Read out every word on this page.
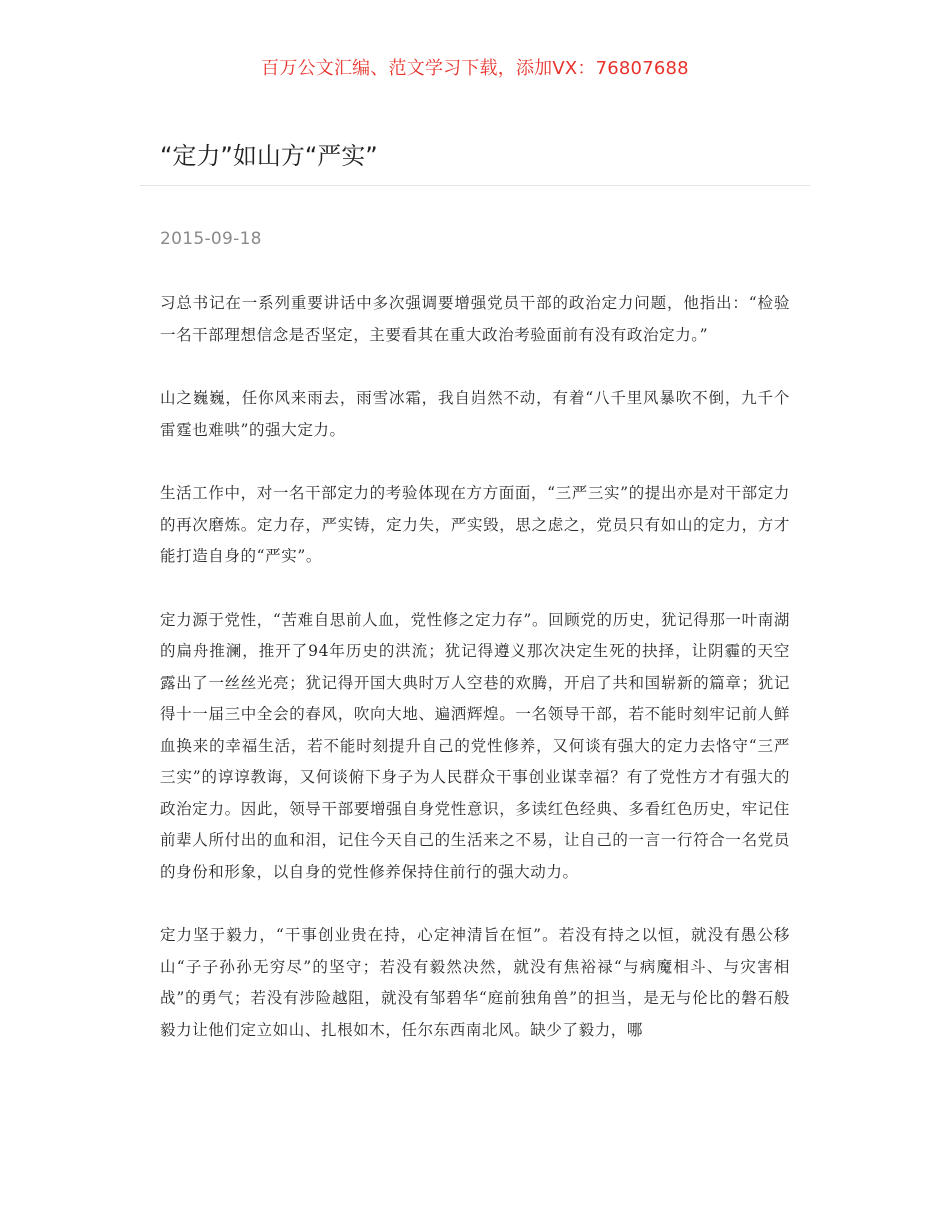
百万公文汇编、范文学习下载，添加VX：76807688
“定力”如山方“严实”
2015-09-18

习总书记在一系列重要讲话中多次强调要增强党员干部的政治定力问题，他指出：“检验一名干部理想信念是否坚定，主要看其在重大政治考验面前有没有政治定力。”

山之巍巍，任你风来雨去，雨雪冰霜，我自岿然不动，有着“八千里风暴吹不倒，九千个雷霆也难哄”的强大定力。

生活工作中，对一名干部定力的考验体现在方方面面，“三严三实”的提出亦是对干部定力的再次磨炼。定力存，严实铸，定力失，严实毁，思之虑之，党员只有如山的定力，方才能打造自身的“严实”。

定力源于党性，“苦难自思前人血，党性修之定力存”。回顾党的历史，犹记得那一叶南湖的扁舟推澜，推开了94年历史的洪流；犹记得遵义那次决定生死的抉择，让阴霾的天空露出了一丝丝光亮；犹记得开国大典时万人空巷的欢腾，开启了共和国崭新的篇章；犹记得十一届三中全会的春风，吹向大地、遍洒辉煌。一名领导干部，若不能时刻牢记前人鲜血换来的幸福生活，若不能时刻提升自己的党性修养，又何谈有强大的定力去恪守“三严三实”的谆谆教诲，又何谈俯下身子为人民群众干事创业谋幸福？有了党性方才有强大的政治定力。因此，领导干部要增强自身党性意识，多读红色经典、多看红色历史，牢记住前辈人所付出的血和泪，记住今天自己的生活来之不易，让自己的一言一行符合一名党员的身份和形象，以自身的党性修养保持住前行的强大动力。

定力坚于毅力，“干事创业贵在持，心定神清旨在恒”。若没有持之以恒，就没有愚公移山“子子孙孙无穷尽”的坚守；若没有毅然决然，就没有焦裕禄“与病魔相斗、与灾害相战”的勇气；若没有涉险越阻，就没有邹碧华“庭前独角兽”的担当，是无与伦比的磐石般毅力让他们定立如山、扎根如木，任尔东西南北风。缺少了毅力，哪
